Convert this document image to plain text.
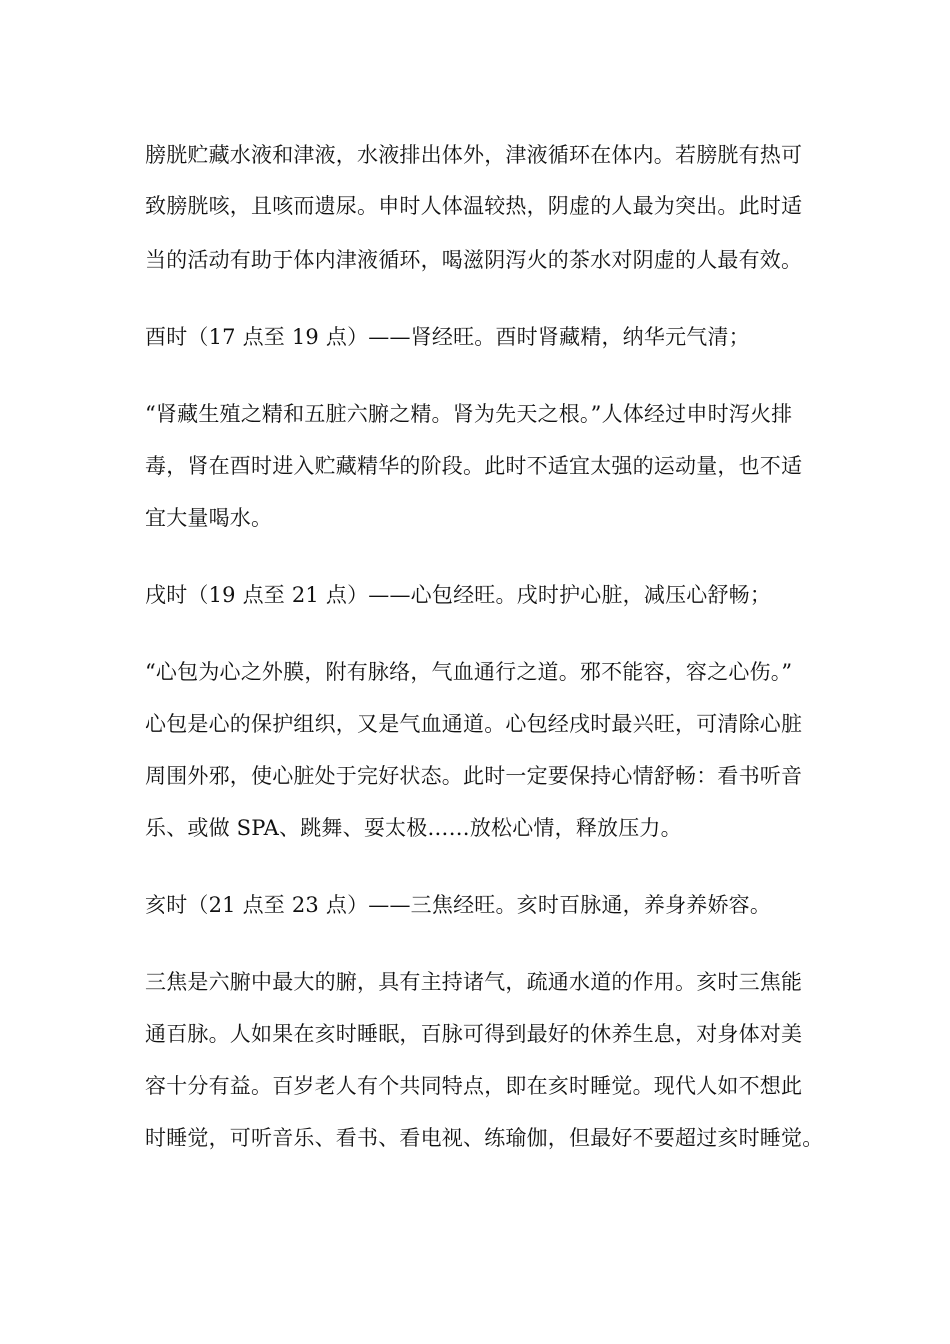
膀胱贮藏水液和津液，水液排出体外，津液循环在体内。若膀胱有热可
致膀胱咳，且咳而遗尿。申时人体温较热，阴虚的人最为突出。此时适
当的活动有助于体内津液循环，喝滋阴泻火的茶水对阴虚的人最有效。
酉时（17 点至 19 点）——肾经旺。酉时肾藏精，纳华元气清；
“肾藏生殖之精和五脏六腑之精。肾为先天之根。”人体经过申时泻火排
毒，肾在酉时进入贮藏精华的阶段。此时不适宜太强的运动量，也不适
宜大量喝水。
戌时（19 点至 21 点）——心包经旺。戌时护心脏，减压心舒畅；
“心包为心之外膜，附有脉络，气血通行之道。邪不能容，容之心伤。”
心包是心的保护组织，又是气血通道。心包经戌时最兴旺，可清除心脏
周围外邪，使心脏处于完好状态。此时一定要保持心情舒畅：看书听音
乐、或做 SPA、跳舞、耍太极……放松心情，释放压力。
亥时（21 点至 23 点）——三焦经旺。亥时百脉通，养身养娇容。
三焦是六腑中最大的腑，具有主持诸气，疏通水道的作用。亥时三焦能
通百脉。人如果在亥时睡眠，百脉可得到最好的休养生息，对身体对美
容十分有益。百岁老人有个共同特点，即在亥时睡觉。现代人如不想此
时睡觉，可听音乐、看书、看电视、练瑜伽，但最好不要超过亥时睡觉。
